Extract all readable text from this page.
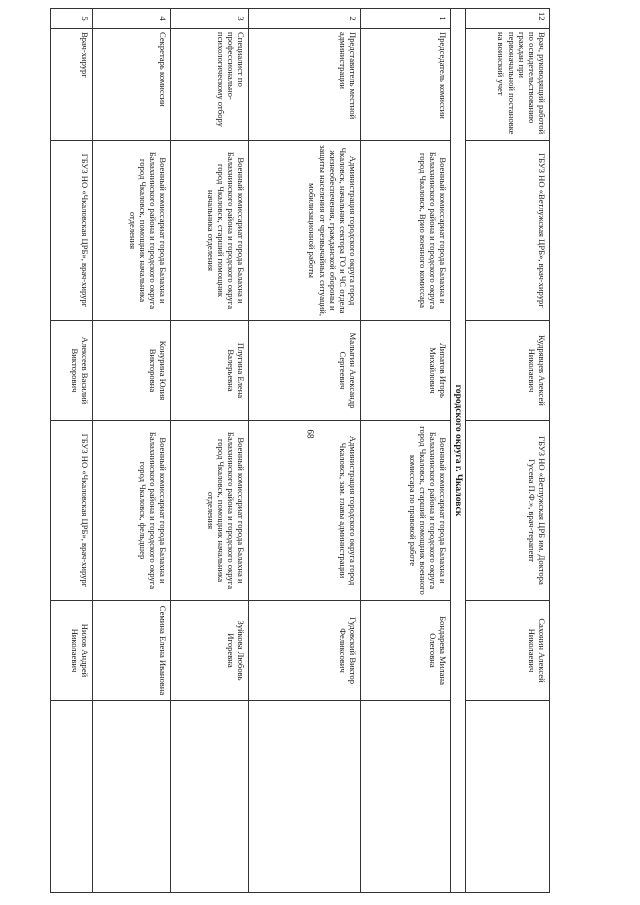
68
12	Врач, руководящий работой по освидетельствованию граждан при первоначальной постановке на воинский учет	ГБУЗ НО «Ветлужская ЦРБ», врач-хирург	Кудрявцев Алексей Николаевич	ГБУЗ НО «Ветлужская ЦРБ им. Доктора Гусева П.Ф.», врач-терапевт	Сахонин Алексей Николаевич	
городского округа г. Чкаловск						
1	Председатель комиссии	Военный комиссариат города Балахна и Балахнинского района и городского округа город Чкаловск, Врио военного комиссара	Липатов Игорь Михайлович	Военный комиссариат города Балахна и Балахнинского района и городского округа город Чкаловск, старший помощник военного комиссара по правовой работе	Бондарева Милана Олеговна	
2	Представитель местной администрации	Администрация городского округа город Чкаловск, начальник сектора ГО и ЧС отдела жизнеобеспечения, гражданской обороны и защиты населения от чрезвычайных ситуаций, мобилизационной работы	Малыгин Александр Сергеевич	Администрация городского округа город Чкаловск, зам. главы администрации	Гудовский Виктор Феликсович	
3	Специалист по профессионально-психологическому отбору	Военный комиссариат города Балахна и Балахнинского района и городского округа город Чкаловск, старший помощник начальника отделения	Плугина Елена Валерьевна	Военный комиссариат города Балахна и Балахнинского района и городского округа город Чкаловск, помощник начальника отделения	Зуйкова Любовь Игоревна	
4	Секретарь комиссии	Военный комиссариат города Балахна и Балахнинского района и городского округа город Чкаловск, помощник начальника отделения	Конурина Юлия Викторовна	Военный комиссариат города Балахна и Балахнинского района и городского округа город Чкаловск, фельдшер	Семина Елена Ивановна	
5	Врач-хирург	ГБУЗ НО «Чкаловская ЦРБ», врач-хирург	Алексеев Василий Викторович	ГБУЗ НО «Чкаловская ЦРБ», врач-хирург	Нилов Андрей Николаевич	
